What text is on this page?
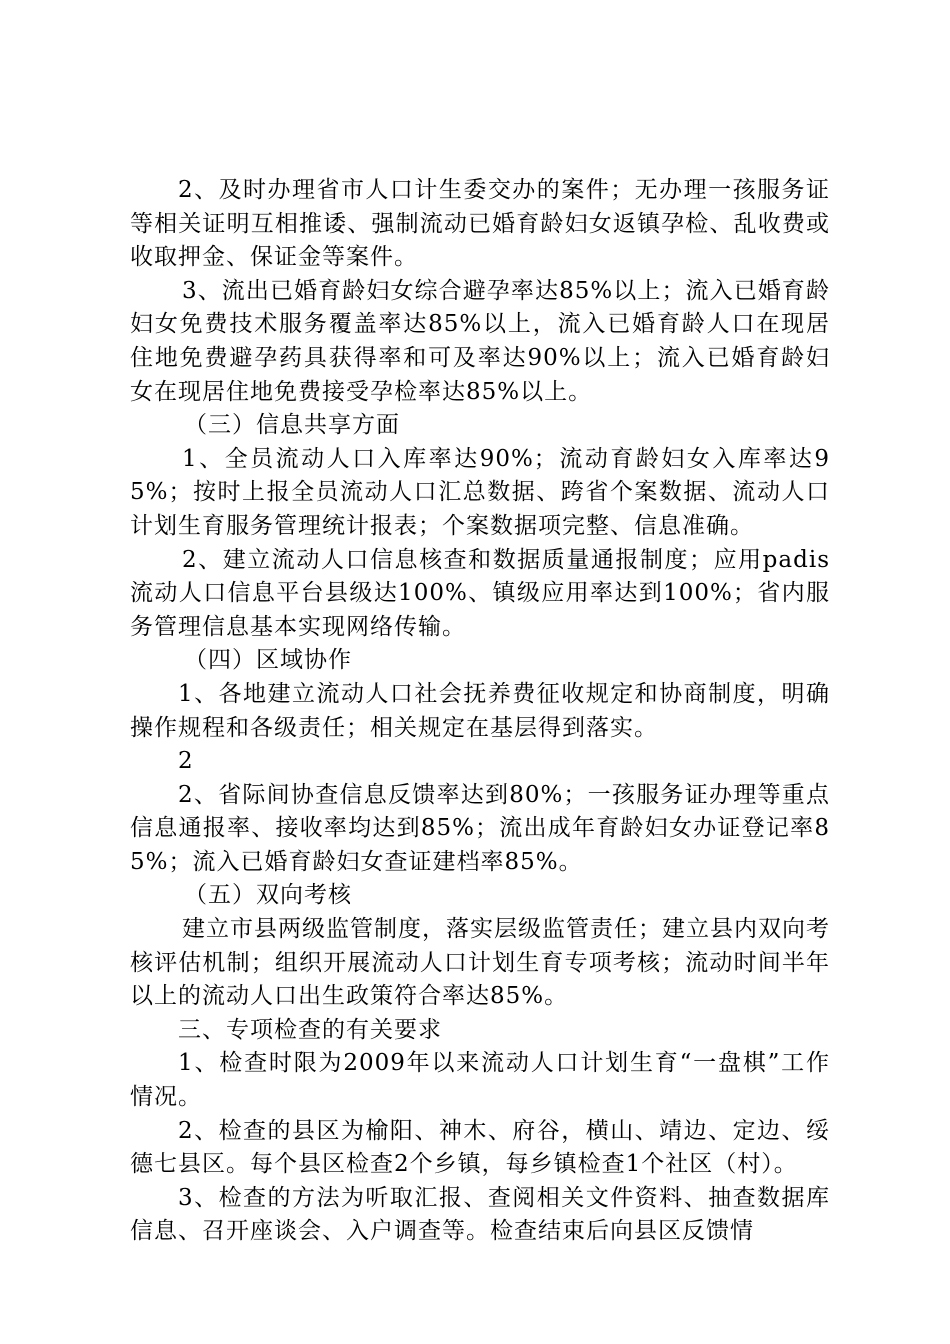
2、及时办理省市人口计生委交办的案件；无办理一孩服务证等相关证明互相推诿、强制流动已婚育龄妇女返镇孕检、乱收费或收取押金、保证金等案件。

3、流出已婚育龄妇女综合避孕率达85%以上；流入已婚育龄妇女免费技术服务覆盖率达85%以上，流入已婚育龄人口在现居住地免费避孕药具获得率和可及率达90%以上；流入已婚育龄妇女在现居住地免费接受孕检率达85%以上。

（三）信息共享方面

1、全员流动人口入库率达90%；流动育龄妇女入库率达95%；按时上报全员流动人口汇总数据、跨省个案数据、流动人口计划生育服务管理统计报表；个案数据项完整、信息准确。

2、建立流动人口信息核查和数据质量通报制度；应用padis流动人口信息平台县级达100%、镇级应用率达到100%；省内服务管理信息基本实现网络传输。

（四）区域协作

1、各地建立流动人口社会抚养费征收规定和协商制度，明确操作规程和各级责任；相关规定在基层得到落实。

2

2、省际间协查信息反馈率达到80%；一孩服务证办理等重点信息通报率、接收率均达到85%；流出成年育龄妇女办证登记率85%；流入已婚育龄妇女查证建档率85%。

（五）双向考核

建立市县两级监管制度，落实层级监管责任；建立县内双向考核评估机制；组织开展流动人口计划生育专项考核；流动时间半年以上的流动人口出生政策符合率达85%。

三、专项检查的有关要求

1、检查时限为2009年以来流动人口计划生育“一盘棋”工作情况。

2、检查的县区为榆阳、神木、府谷，横山、靖边、定边、绥德七县区。每个县区检查2个乡镇，每乡镇检查1个社区（村）。

3、检查的方法为听取汇报、查阅相关文件资料、抽查数据库信息、召开座谈会、入户调查等。检查结束后向县区反馈情
